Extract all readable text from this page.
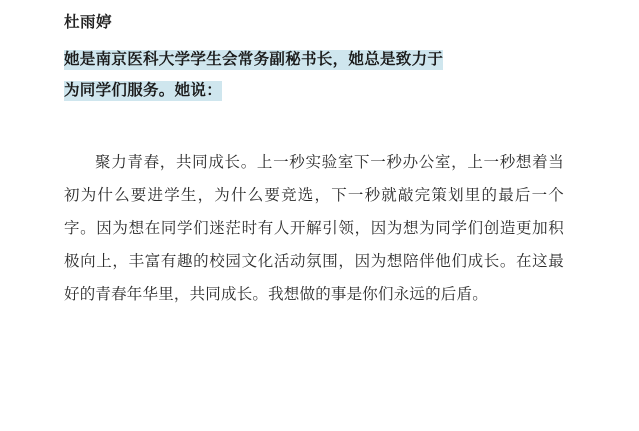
杜雨婷
她是南京医科大学学生会常务副秘书长，她总是致力于
为同学们服务。她说：
聚力青春，共同成长。上一秒实验室下一秒办公室，上一秒想着当初为什么要进学生，为什么要竞选，下一秒就敲完策划里的最后一个字。因为想在同学们迷茫时有人开解引领，因为想为同学们创造更加积极向上，丰富有趣的校园文化活动氛围，因为想陪伴他们成长。在这最好的青春年华里，共同成长。我想做的事是你们永远的后盾。
